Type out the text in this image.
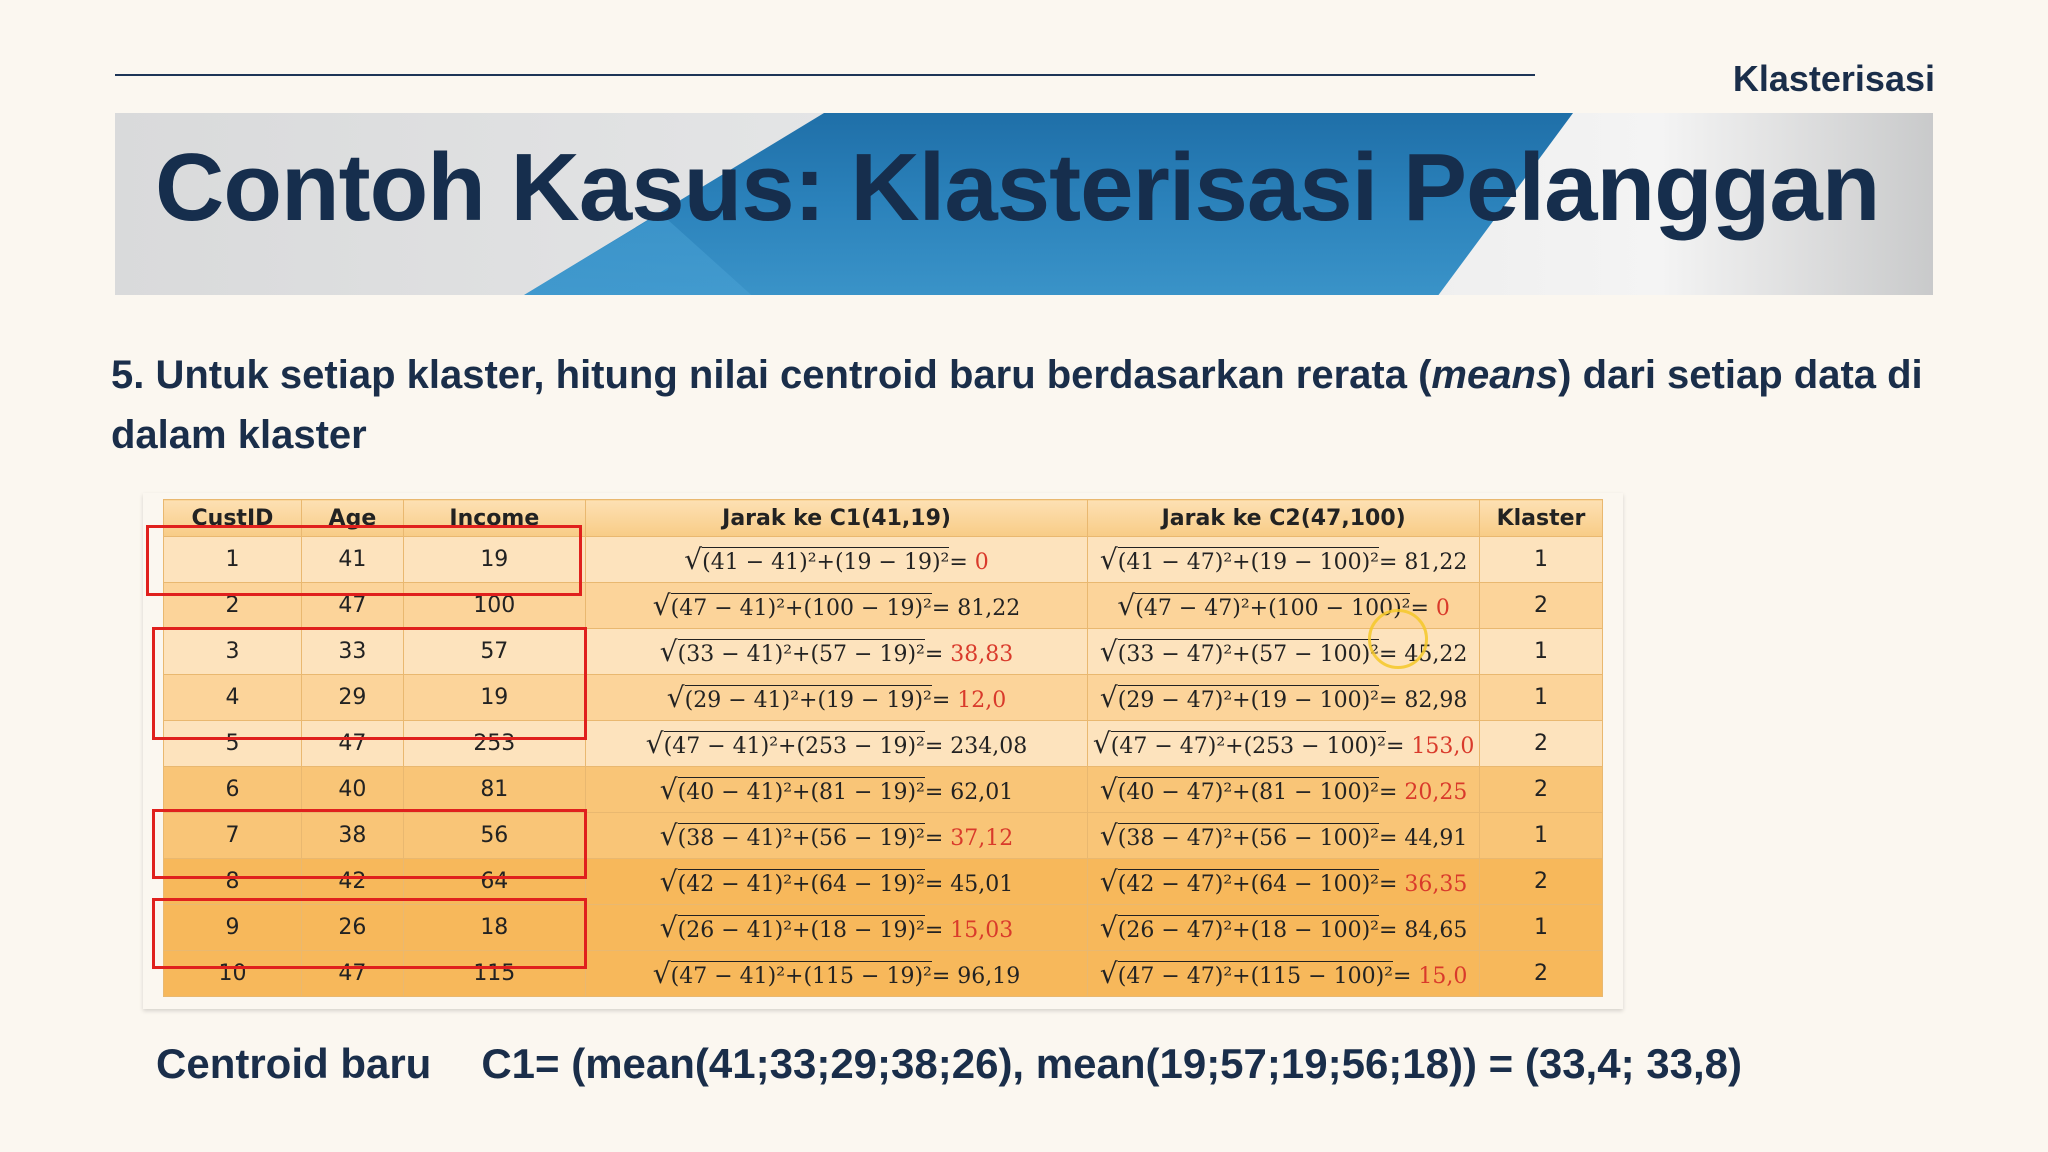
Klasterisasi
Contoh Kasus: Klasterisasi Pelanggan
5. Untuk setiap klaster, hitung nilai centroid baru berdasarkan rerata (means) dari setiap data di dalam klaster
CustID	Age	Income	Jarak ke C1(41,19)	Jarak ke C2(47,100)	Klaster
1	41	19	√(41 − 41)²+(19 − 19)²= 0	√(41 − 47)²+(19 − 100)²= 81,22	1
2	47	100	√(47 − 41)²+(100 − 19)²= 81,22	√(47 − 47)²+(100 − 100)²= 0	2
3	33	57	√(33 − 41)²+(57 − 19)²= 38,83	√(33 − 47)²+(57 − 100)²= 45,22	1
4	29	19	√(29 − 41)²+(19 − 19)²= 12,0	√(29 − 47)²+(19 − 100)²= 82,98	1
5	47	253	√(47 − 41)²+(253 − 19)²= 234,08	√(47 − 47)²+(253 − 100)²= 153,0	2
6	40	81	√(40 − 41)²+(81 − 19)²= 62,01	√(40 − 47)²+(81 − 100)²= 20,25	2
7	38	56	√(38 − 41)²+(56 − 19)²= 37,12	√(38 − 47)²+(56 − 100)²= 44,91	1
8	42	64	√(42 − 41)²+(64 − 19)²= 45,01	√(42 − 47)²+(64 − 100)²= 36,35	2
9	26	18	√(26 − 41)²+(18 − 19)²= 15,03	√(26 − 47)²+(18 − 100)²= 84,65	1
10	47	115	√(47 − 41)²+(115 − 19)²= 96,19	√(47 − 47)²+(115 − 100)²= 15,0	2
Centroid baru C1= (mean(41;33;29;38;26), mean(19;57;19;56;18)) = (33,4; 33,8)
